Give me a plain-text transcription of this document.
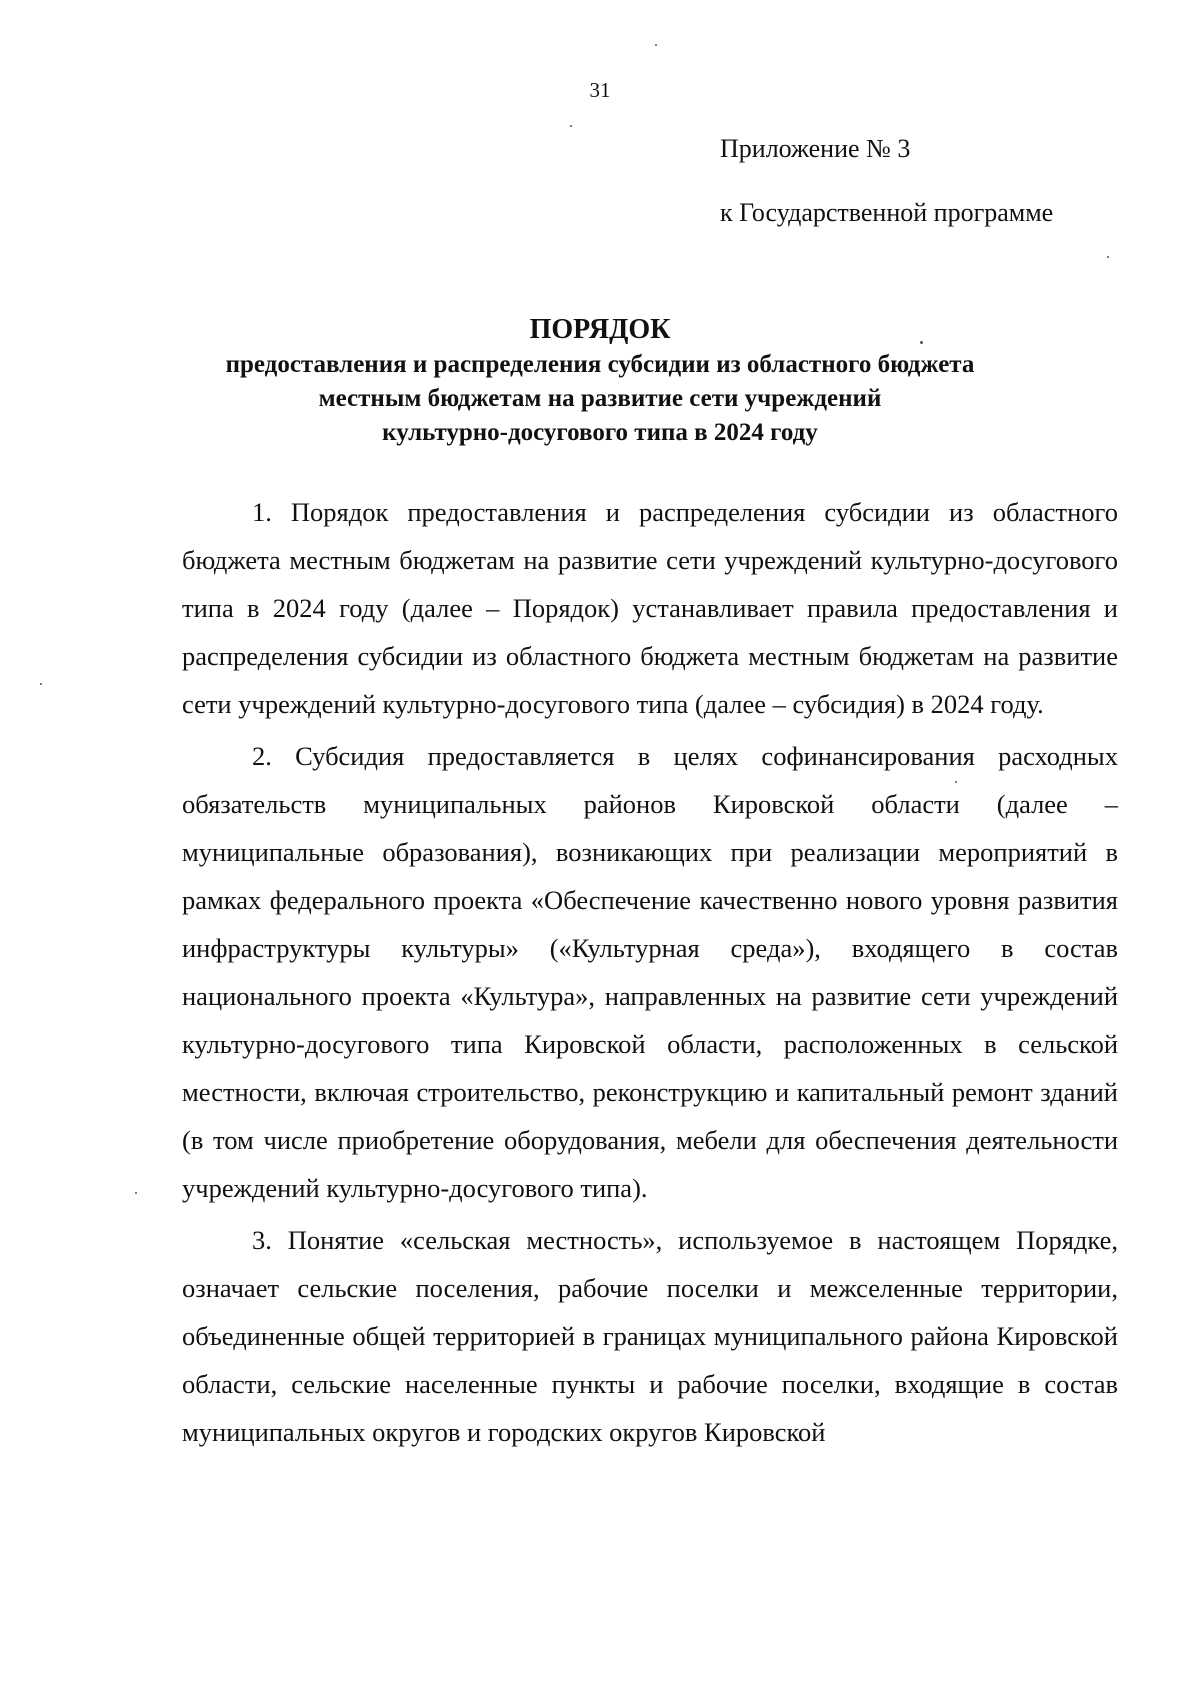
31
Приложение № 3
к Государственной программе
ПОРЯДОК
предоставления и распределения субсидии из областного бюджета
местным бюджетам на развитие сети учреждений
культурно-досугового типа в 2024 году

1. Порядок предоставления и распределения субсидии из областного бюджета местным бюджетам на развитие сети учреждений культурно-досугового типа в 2024 году (далее – Порядок) устанавливает правила предоставления и распределения субсидии из областного бюджета местным бюджетам на развитие сети учреждений культурно-досугового типа (далее – субсидия) в 2024 году.

2. Субсидия предоставляется в целях софинансирования расходных обязательств муниципальных районов Кировской области (далее – муниципальные образования), возникающих при реализации мероприятий в рамках федерального проекта «Обеспечение качественно нового уровня развития инфраструктуры культуры» («Культурная среда»), входящего в состав национального проекта «Культура», направленных на развитие сети учреждений культурно-досугового типа Кировской области, расположенных в сельской местности, включая строительство, реконструкцию и капитальный ремонт зданий (в том числе приобретение оборудования, мебели для обеспечения деятельности учреждений культурно-досугового типа).

3. Понятие «сельская местность», используемое в настоящем Порядке, означает сельские поселения, рабочие поселки и межселенные территории, объединенные общей территорией в границах муниципального района Кировской области, сельские населенные пункты и рабочие поселки, входящие в состав муниципальных округов и городских округов Кировской
